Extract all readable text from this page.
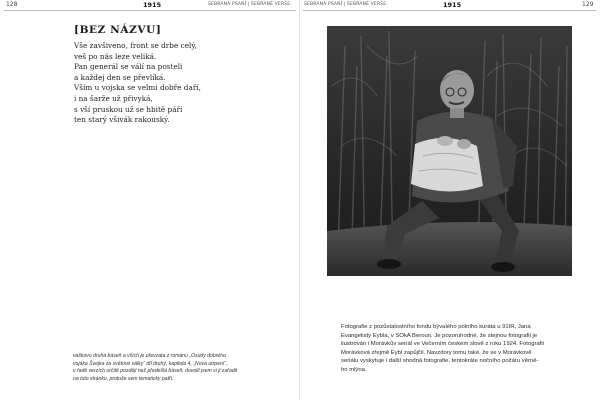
128	1915	SEBRANÁ PSANÍ | SEBRANÉ VERŠE	SEBRANÁ PSANÍ | SEBRANÉ VERŠE	1915	129
[BEZ NÁZVU]
Vše zavšiveno, front se drbe celý,
veš po nás leze veliká.
Pan generál se válí na posteli
a každej den se převlíká.
Vším u vojska se velmi dobře daří,
i na šarže už přivyká,
s vší pruskou už se hbitě páří
ten starý všivák rakouský.
vaškovo druhá báseň a vších je převzata z románu „Osudy dobrého
vojáka Švejka za světové války“ díl druhý, kapitola 4, „Nová utrpení“,
v řadě verzích určitě později než předešlá báseň, dovolil jsem si ji zařadit
na tuto stránku, protože sem tematicky patří.
Fotografie z pozůstalostního fondu bývalého polního kuráta u 91IR, Jana
Evangelisty Eybla, v SOkA Beroun. Je pozoruhodné, že stejnou fotografii je
ilustrován i Morávkův seriál ve Večerním českém slově z roku 1924. Fotografii
Morávková zřejmě Eybl zapůjčil. Navzdory tomu také, že se v Morávkově
seriálu vyskytuje i další shodná fotografie, tentokráte nočního požáru věrně-
ho mlýna.
